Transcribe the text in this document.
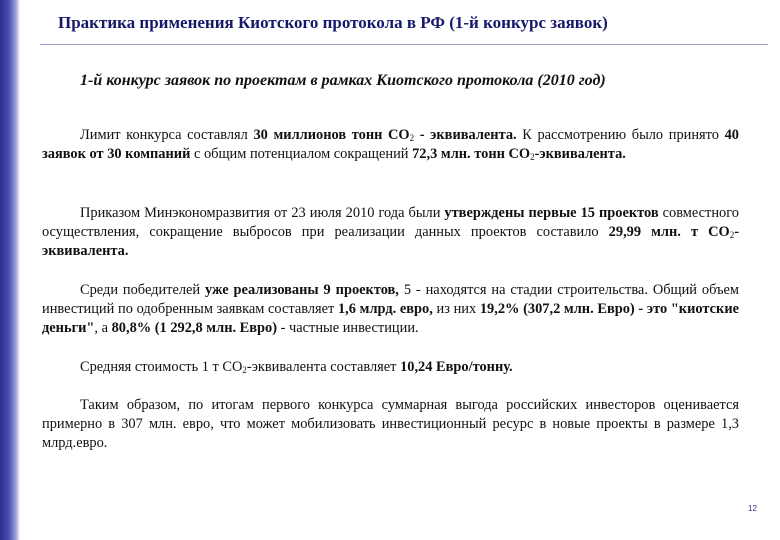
Практика применения Киотского протокола в РФ (1-й конкурс заявок)
1-й конкурс заявок по проектам в рамках Киотского протокола (2010 год)

Лимит конкурса составлял 30 миллионов тонн $СО_2$ - эквивалента. К рассмотрению было принято 40 заявок от 30 компаний с общим потенциалом сокращений 72,3 млн. тонн $СО_2$-эквивалента.

Приказом Минэкономразвития от 23 июля 2010 года были утверждены первые 15 проектов совместного осуществления, сокращение выбросов при реализации данных проектов составило 29,99 млн. т $СО_2$-эквивалента.

Среди победителей уже реализованы 9 проектов, 5 - находятся на стадии строительства. Общий объем инвестиций по одобренным заявкам составляет 1,6 млрд. евро, из них 19,2% (307,2 млн. Евро) - это "киотские деньги", а 80,8% (1 292,8 млн. Евро) - частные инвестиции.

Средняя стоимость 1 т $СО_2$-эквивалента составляет 10,24 Евро/тонну.

Таким образом, по итогам первого конкурса суммарная выгода российских инвесторов оценивается примерно в 307 млн. евро, что может мобилизовать инвестиционный ресурс в новые проекты в размере 1,3 млрд.евро.

12
